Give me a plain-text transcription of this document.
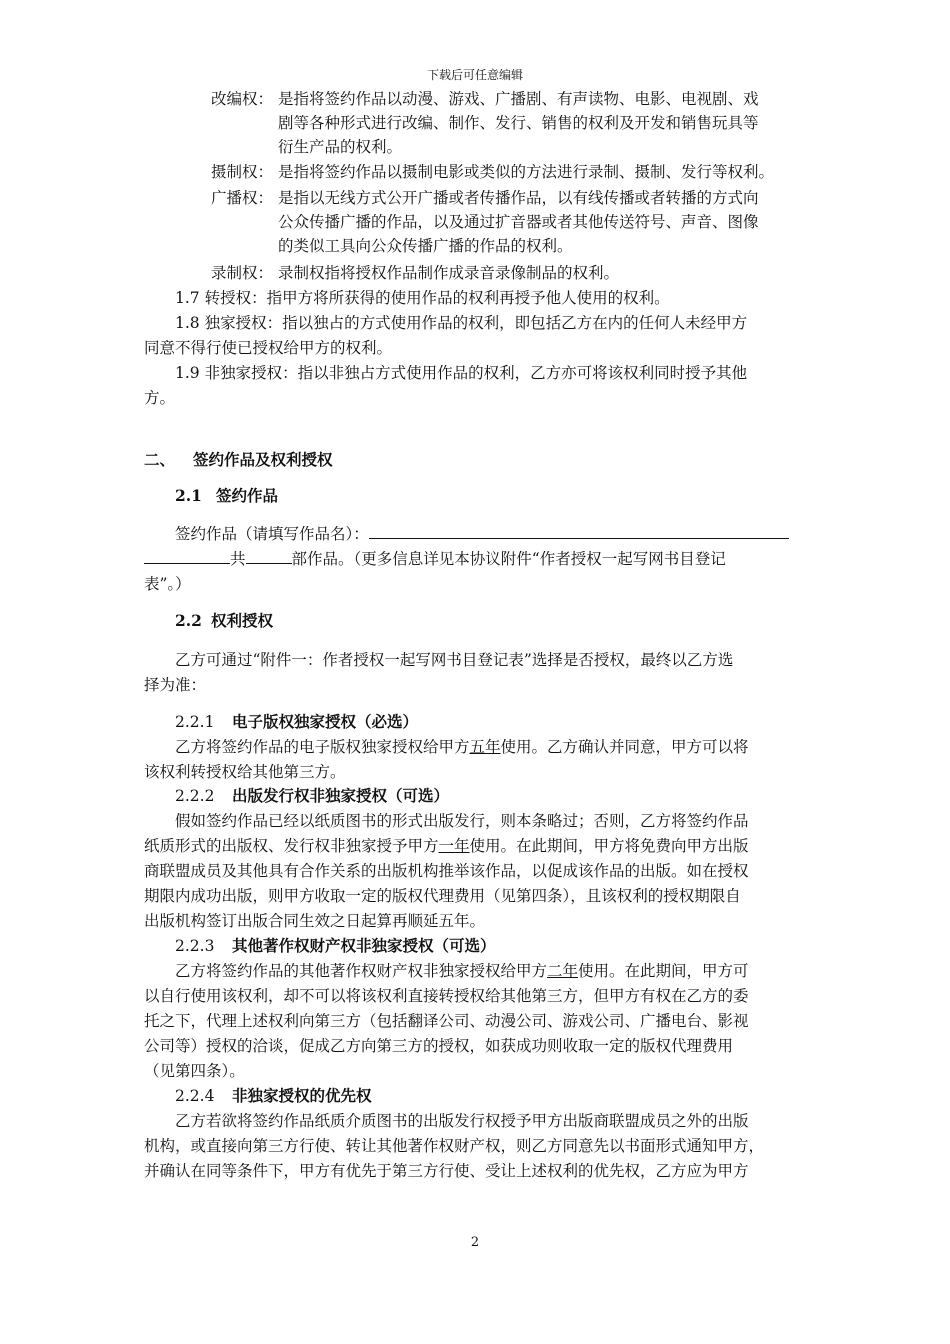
下载后可任意编辑
改编权： 是指将签约作品以动漫、游戏、广播剧、有声读物、电影、电视剧、戏
剧等各种形式进行改编、制作、发行、销售的权利及开发和销售玩具等
衍生产品的权利。
摄制权： 是指将签约作品以摄制电影或类似的方法进行录制、摄制、发行等权利。
广播权： 是指以无线方式公开广播或者传播作品，以有线传播或者转播的方式向
公众传播广播的作品，以及通过扩音器或者其他传送符号、声音、图像
的类似工具向公众传播广播的作品的权利。
录制权： 录制权指将授权作品制作成录音录像制品的权利。
1.7 转授权：指甲方将所获得的使用作品的权利再授予他人使用的权利。
1.8 独家授权：指以独占的方式使用作品的权利，即包括乙方在内的任何人未经甲方
同意不得行使已授权给甲方的权利。
1.9 非独家授权：指以非独占方式使用作品的权利，乙方亦可将该权利同时授予其他
方。
二、 签约作品及权利授权
2.1 签约作品
签约作品（请填写作品名）：
共	部作品。（更多信息详见本协议附件“作者授权一起写网书目登记
表”。）
2.2 权利授权
乙方可通过“附件一：作者授权一起写网书目登记表”选择是否授权，最终以乙方选
择为准：
2.2.1 电子版权独家授权（必选）
乙方将签约作品的电子版权独家授权给甲方五年使用。乙方确认并同意，甲方可以将
该权利转授权给其他第三方。
2.2.2 出版发行权非独家授权（可选）
假如签约作品已经以纸质图书的形式出版发行，则本条略过；否则，乙方将签约作品
纸质形式的出版权、发行权非独家授予甲方一年使用。在此期间，甲方将免费向甲方出版
商联盟成员及其他具有合作关系的出版机构推举该作品，以促成该作品的出版。如在授权
期限内成功出版，则甲方收取一定的版权代理费用（见第四条），且该权利的授权期限自
出版机构签订出版合同生效之日起算再顺延五年。
2.2.3 其他著作权财产权非独家授权（可选）
乙方将签约作品的其他著作权财产权非独家授权给甲方二年使用。在此期间，甲方可
以自行使用该权利，却不可以将该权利直接转授权给其他第三方，但甲方有权在乙方的委
托之下，代理上述权利向第三方（包括翻译公司、动漫公司、游戏公司、广播电台、影视
公司等）授权的洽谈，促成乙方向第三方的授权，如获成功则收取一定的版权代理费用
（见第四条）。
2.2.4 非独家授权的优先权
乙方若欲将签约作品纸质介质图书的出版发行权授予甲方出版商联盟成员之外的出版
机构，或直接向第三方行使、转让其他著作权财产权，则乙方同意先以书面形式通知甲方，
并确认在同等条件下，甲方有优先于第三方行使、受让上述权利的优先权，乙方应为甲方
2
